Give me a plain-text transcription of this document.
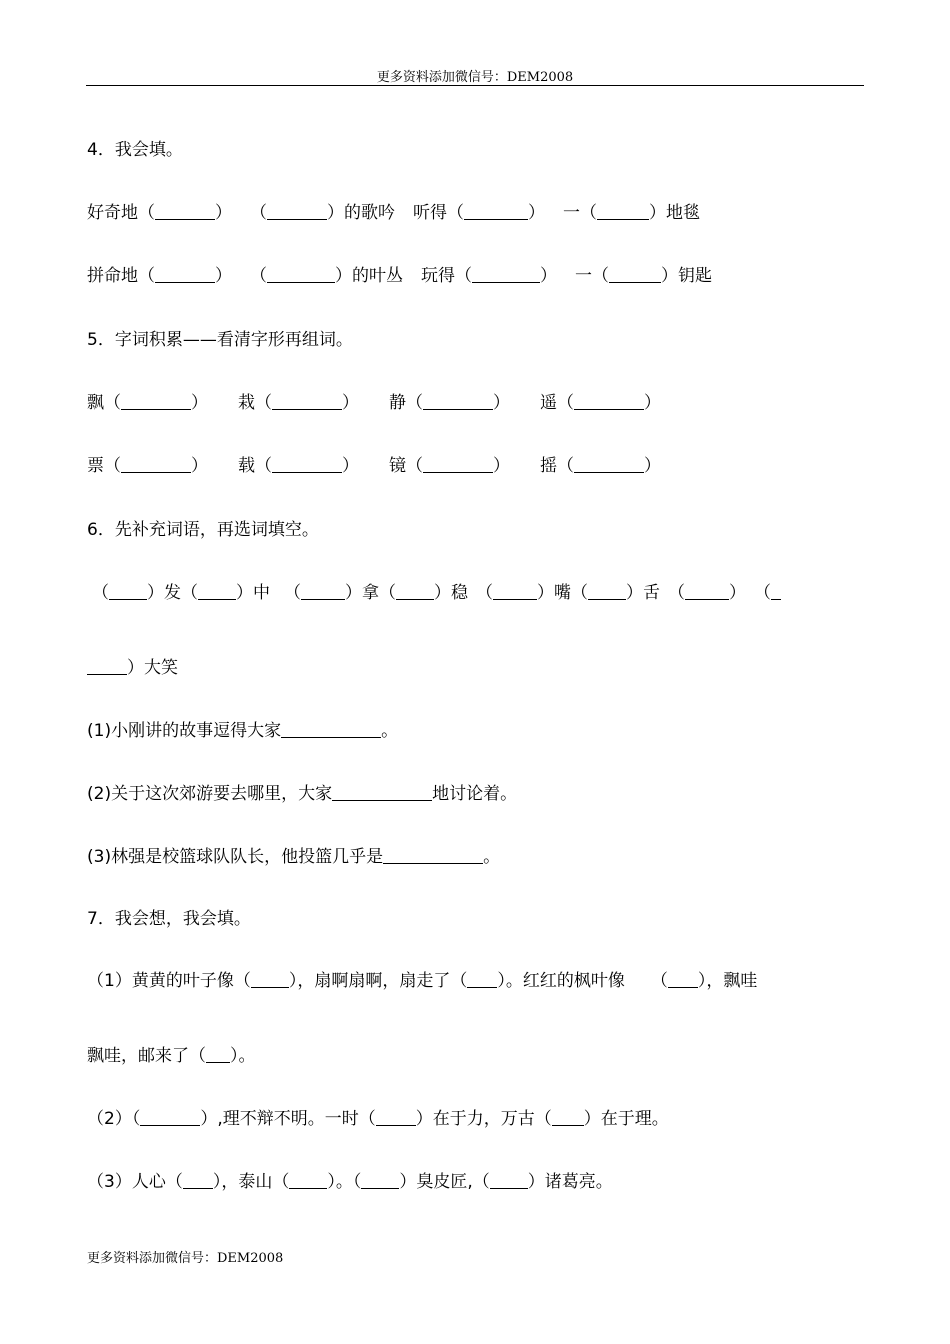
更多资料添加微信号：DEM2008
4．我会填。
好奇地（	） （	）的歌吟 听得（	） 一（	）地毯
拼命地（	） （	）的叶丛 玩得（	） 一（	）钥匙
5．字词积累——看清字形再组词。
飘（	） 栽（	） 静（	） 遥（	）
票（	） 载（	） 镜（	） 摇（	）
6．先补充词语，再选词填空。
（ ）发（ ）中 （	）拿（ ）稳 （	）嘴（ ）舌 （	） （
）大笑
(1)小刚讲的故事逗得大家	。
(2)关于这次郊游要去哪里，大家	地讨论着。
(3)林强是校篮球队队长，他投篮几乎是	。
7．我会想，我会填。
（1）黄黄的叶子像（ ），扇啊扇啊，扇走了（ ）。红红的枫叶像 （ ），飘哇
飘哇，邮来了（ ）。
（2）（	）,理不辩不明。一时（ ）在于力，万古（ ）在于理。
（3）人心（ ），泰山（ ）。（ ）臭皮匠,（ ）诸葛亮。
更多资料添加微信号：DEM2008
